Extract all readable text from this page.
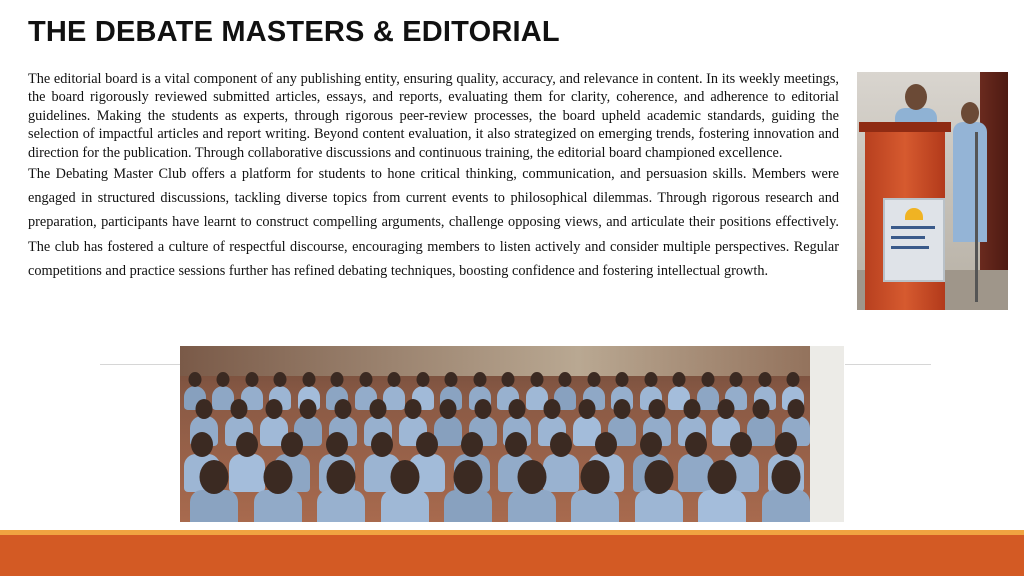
THE DEBATE MASTERS & EDITORIAL

The editorial board is a vital component of any publishing entity, ensuring quality, accuracy, and relevance in content. In its weekly meetings, the board rigorously reviewed submitted articles, essays, and reports, evaluating them for clarity, coherence, and adherence to editorial guidelines. Making the students as experts, through rigorous peer-review processes, the board upheld academic standards, guiding the selection of impactful articles and report writing. Beyond content evaluation, it also strategized on emerging trends, fostering innovation and direction for the publication. Through collaborative discussions and continuous training, the editorial board championed excellence.

The Debating Master Club offers a platform for students to hone critical thinking, communication, and persuasion skills. Members were engaged in structured discussions, tackling diverse topics from current events to philosophical dilemmas. Through rigorous research and preparation, participants have learnt to construct compelling arguments, challenge opposing views, and articulate their positions effectively. The club has fostered a culture of respectful discourse, encouraging members to listen actively and consider multiple perspectives. Regular competitions and practice sessions further has refined debating techniques, boosting confidence and fostering intellectual growth.
